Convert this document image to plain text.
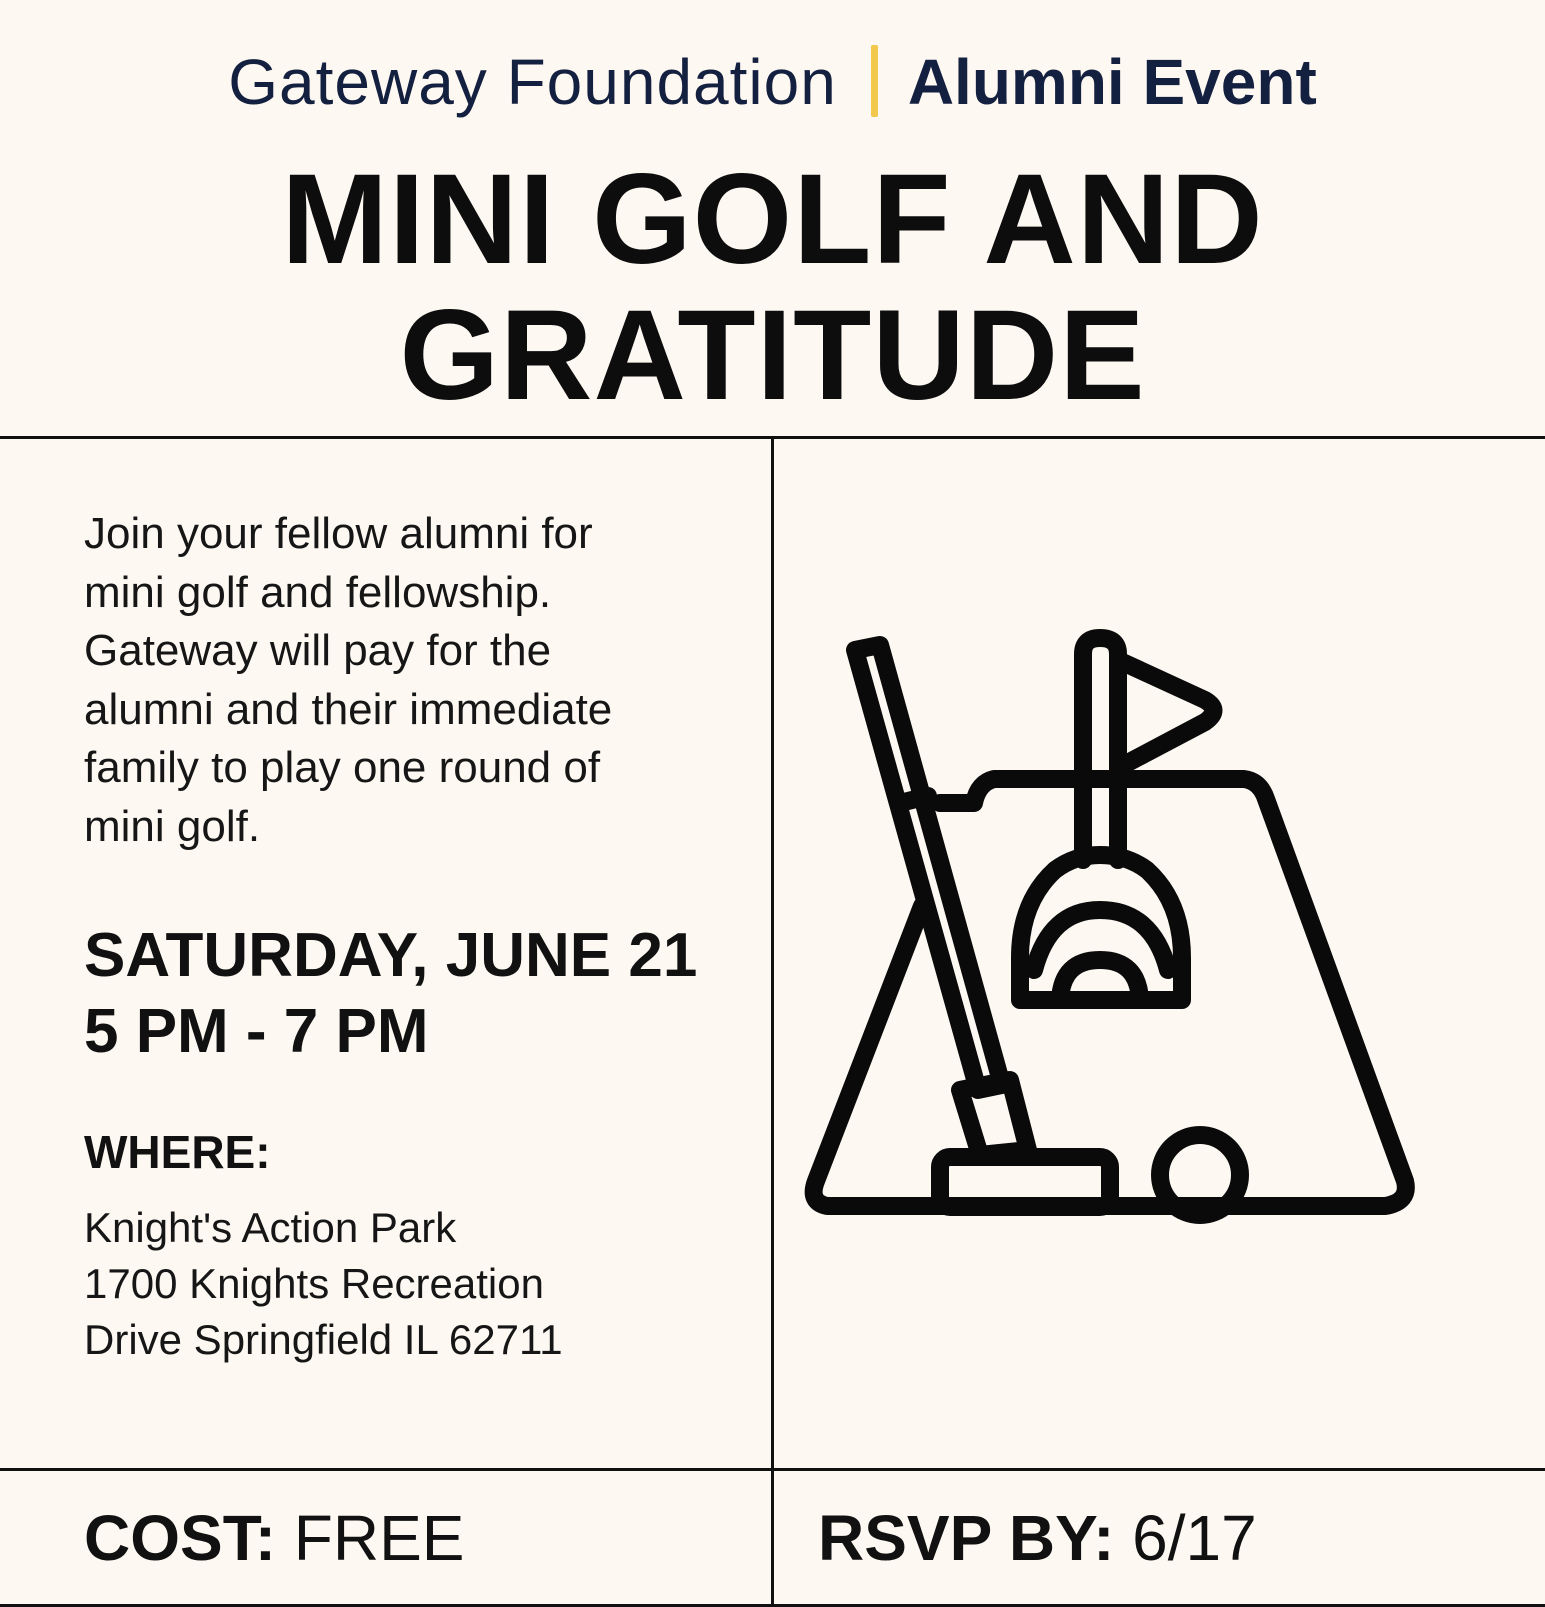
Gateway Foundation Alumni Event
MINI GOLF AND
GRATITUDE

Join your fellow alumni for
mini golf and fellowship.
Gateway will pay for the
alumni and their immediate
family to play one round of
mini golf.

SATURDAY, JUNE 21
5 PM - 7 PM
WHERE:
Knight's Action Park
1700 Knights Recreation
Drive Springfield IL 62711
COST: FREE	RSVP BY: 6/17
